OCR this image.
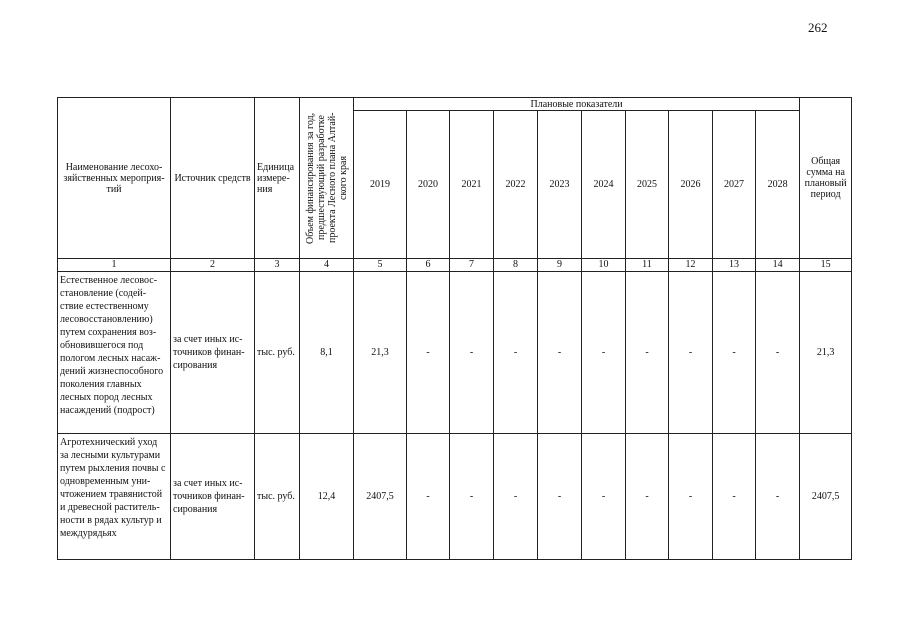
262
Наименование лесохо-зяйственных мероприя-тий	Источник средств	Единица измере-ния	Объем финансирования за год, предшествующий разработке проекта Лесного плана Алтай-ского края	Плановые показатели										Общая сумма на плановый период
				2019	2020	2021	2022	2023	2024	2025	2026	2027	2028	
1	2	3	4	5	6	7	8	9	10	11	12	13	14	15
Естественное лесовос-становление (содей-ствие естественному лесовосстановлению) путем сохранения воз-обновившегося под пологом лесных насаж-дений жизнеспособного поколения главных лесных пород лесных насаждений (подрост)	за счет иных ис-точников финан-сирования	тыс. руб.	8,1	21,3	-	-	-	-	-	-	-	-	-	21,3
Агротехнический уход за лесными культурами путем рыхления почвы с одновременным уни-чтожением травянистой и древесной раститель-ности в рядах культур и междурядьях	за счет иных ис-точников финан-сирования	тыс. руб.	12,4	2407,5	-	-	-	-	-	-	-	-	-	2407,5
